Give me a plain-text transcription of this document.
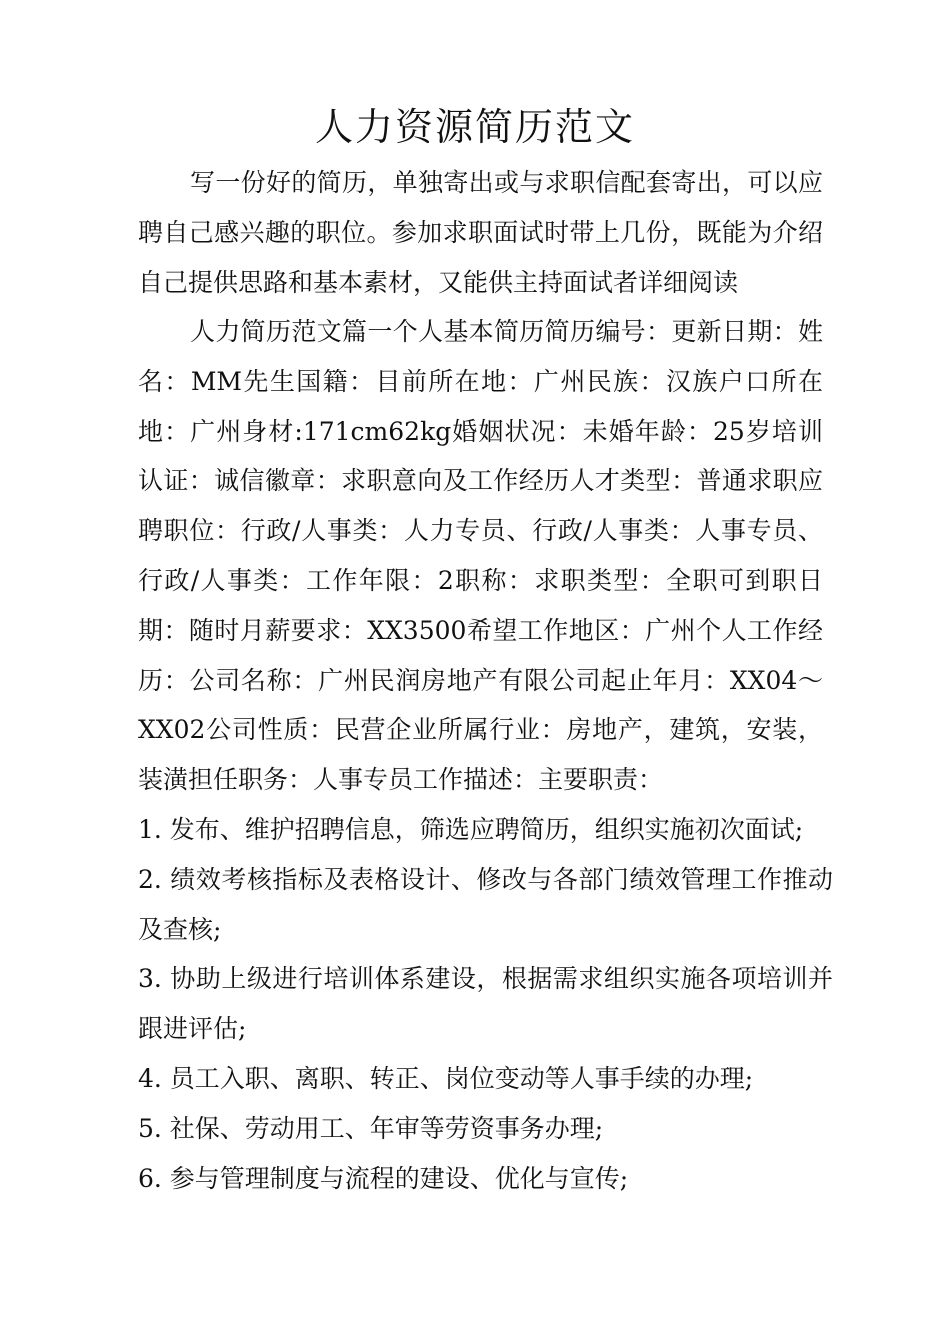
人力资源简历范文

写一份好的简历，单独寄出或与求职信配套寄出，可以应聘自己感兴趣的职位。参加求职面试时带上几份，既能为介绍自己提供思路和基本素材，又能供主持面试者详细阅读

人力简历范文篇一个人基本简历简历编号：更新日期：姓名：MM先生国籍：目前所在地：广州民族：汉族户口所在地：广州身材:171cm62kg婚姻状况：未婚年龄：25岁培训认证：诚信徽章：求职意向及工作经历人才类型：普通求职应聘职位：行政/人事类：人力专员、行政/人事类：人事专员、行政/人事类：工作年限：2职称：求职类型：全职可到职日期：随时月薪要求：XX3500希望工作地区：广州个人工作经历：公司名称：广州民润房地产有限公司起止年月：XX04～XX02公司性质：民营企业所属行业：房地产，建筑，安装，装潢担任职务：人事专员工作描述：主要职责：

1. 发布、维护招聘信息，筛选应聘简历，组织实施初次面试;
2. 绩效考核指标及表格设计、修改与各部门绩效管理工作推动及查核;
3. 协助上级进行培训体系建设，根据需求组织实施各项培训并跟进评估;
4. 员工入职、离职、转正、岗位变动等人事手续的办理;
5. 社保、劳动用工、年审等劳资事务办理;
6. 参与管理制度与流程的建设、优化与宣传;
